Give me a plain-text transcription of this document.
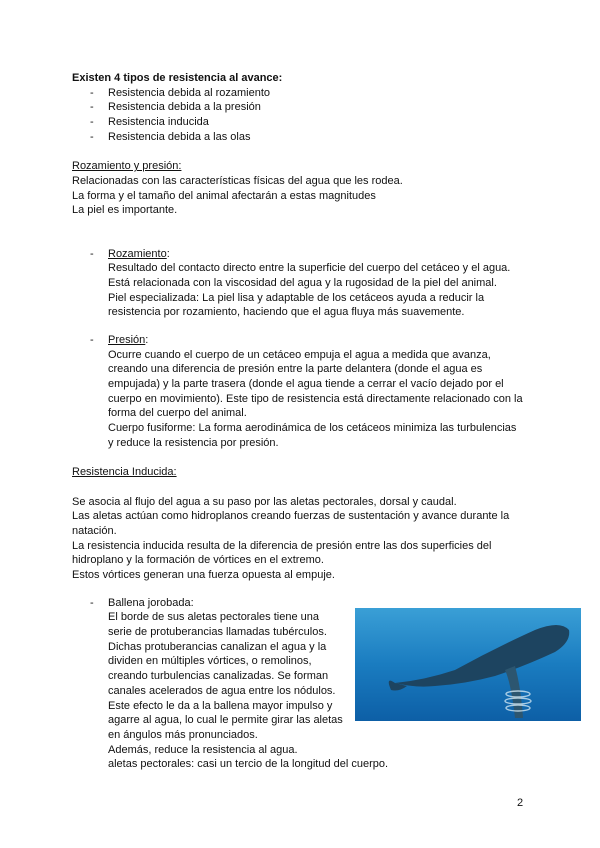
Existen 4 tipos de resistencia al avance:
- Resistencia debida al rozamiento
- Resistencia debida a la presión
- Resistencia inducida
- Resistencia debida a las olas
Rozamiento y presión:
Relacionadas con las características físicas del agua que les rodea.
La forma y el tamaño del animal afectarán a estas magnitudes
La piel es importante.
- Rozamiento:
Resultado del contacto directo entre la superficie del cuerpo del cetáceo y el agua.
Está relacionada con la viscosidad del agua y la rugosidad de la piel del animal.
Piel especializada: La piel lisa y adaptable de los cetáceos ayuda a reducir la
resistencia por rozamiento, haciendo que el agua fluya más suavemente.
- Presión:
Ocurre cuando el cuerpo de un cetáceo empuja el agua a medida que avanza,
creando una diferencia de presión entre la parte delantera (donde el agua es
empujada) y la parte trasera (donde el agua tiende a cerrar el vacío dejado por el
cuerpo en movimiento). Este tipo de resistencia está directamente relacionado con la
forma del cuerpo del animal.
Cuerpo fusiforme: La forma aerodinámica de los cetáceos minimiza las turbulencias
y reduce la resistencia por presión.
Resistencia Inducida:
Se asocia al flujo del agua a su paso por las aletas pectorales, dorsal y caudal.
Las aletas actúan como hidroplanos creando fuerzas de sustentación y avance durante la
natación.
La resistencia inducida resulta de la diferencia de presión entre las dos superficies del
hidroplano y la formación de vórtices en el extremo.
Estos vórtices generan una fuerza opuesta al empuje.
- Ballena jorobada:
El borde de sus aletas pectorales tiene una
serie de protuberancias llamadas tubérculos.
Dichas protuberancias canalizan el agua y la
dividen en múltiples vórtices, o remolinos,
creando turbulencias canalizadas. Se forman
canales acelerados de agua entre los nódulos.
Este efecto le da a la ballena mayor impulso y
agarre al agua, lo cual le permite girar las aletas
en ángulos más pronunciados.
Además, reduce la resistencia al agua.
aletas pectorales: casi un tercio de la longitud del cuerpo.
2
